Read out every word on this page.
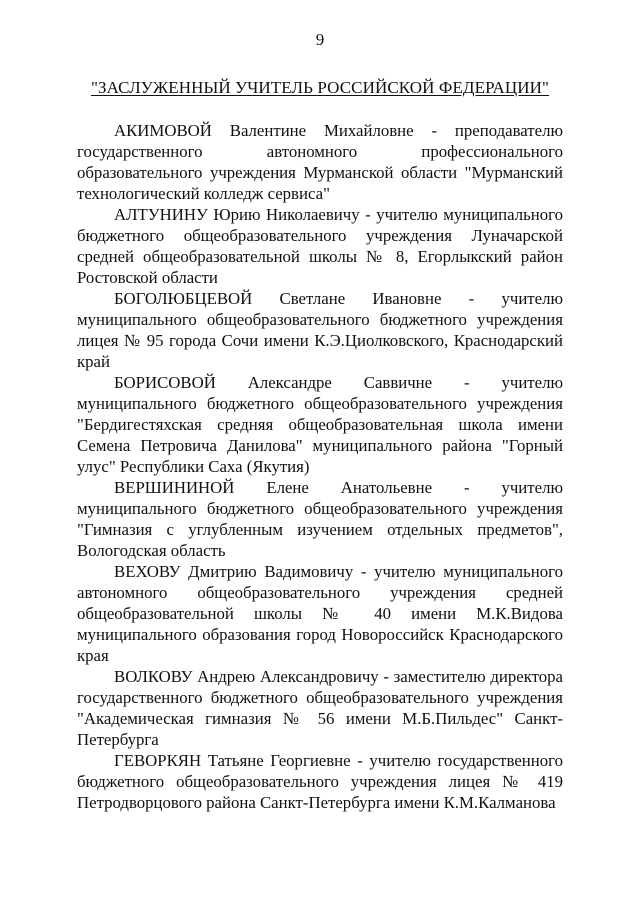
9
"ЗАСЛУЖЕННЫЙ УЧИТЕЛЬ РОССИЙСКОЙ ФЕДЕРАЦИИ"

АКИМОВОЙ Валентине Михайловне - преподавателю государственного автономного профессионального образовательного учреждения Мурманской области "Мурманский технологический колледж сервиса"

АЛТУНИНУ Юрию Николаевичу - учителю муниципального бюджетного общеобразовательного учреждения Луначарской средней общеобразовательной школы № 8, Егорлыкский район Ростовской области

БОГОЛЮБЦЕВОЙ Светлане Ивановне - учителю муниципального общеобразовательного бюджетного учреждения лицея № 95 города Сочи имени К.Э.Циолковского, Краснодарский край

БОРИСОВОЙ Александре Саввичне - учителю муниципального бюджетного общеобразовательного учреждения "Бердигестяхская средняя общеобразовательная школа имени Семена Петровича Данилова" муниципального района "Горный улус" Республики Саха (Якутия)

ВЕРШИНИНОЙ Елене Анатольевне - учителю муниципального бюджетного общеобразовательного учреждения "Гимназия с углубленным изучением отдельных предметов", Вологодская область

ВЕХОВУ Дмитрию Вадимовичу - учителю муниципального автономного общеобразовательного учреждения средней общеобразовательной школы № 40 имени М.К.Видова муниципального образования город Новороссийск Краснодарского края

ВОЛКОВУ Андрею Александровичу - заместителю директора государственного бюджетного общеобразовательного учреждения "Академическая гимназия № 56 имени М.Б.Пильдес" Санкт-Петербурга

ГЕВОРКЯН Татьяне Георгиевне - учителю государственного бюджетного общеобразовательного учреждения лицея № 419 Петродворцового района Санкт-Петербурга имени К.М.Калманова
